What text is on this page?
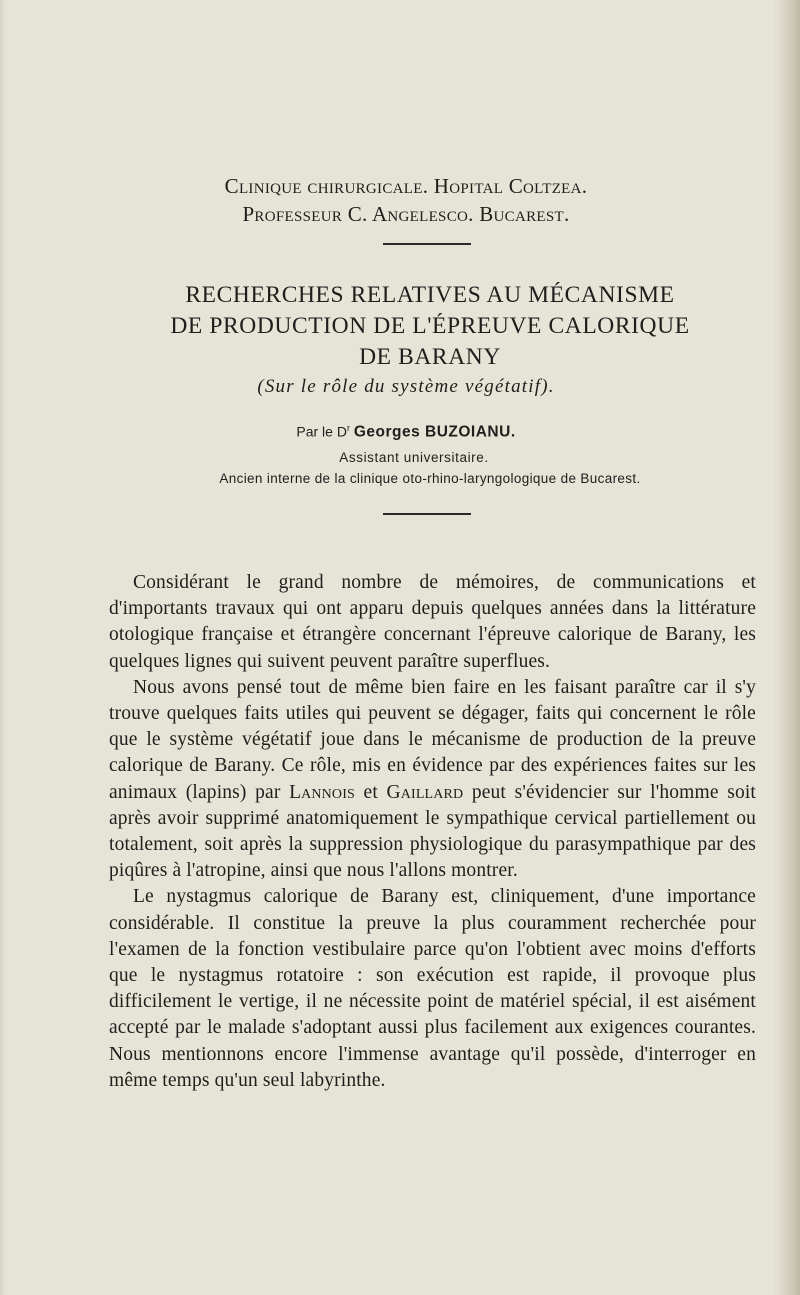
Clinique chirurgicale. Hopital Coltzea.
Professeur C. Angelesco. Bucarest.
RECHERCHES RELATIVES AU MÉCANISME
DE PRODUCTION DE L'ÉPREUVE CALORIQUE
DE BARANY
(Sur le rôle du système végétatif).
Par le $D^r$ Georges BUZOIANU.
Assistant universitaire.
Ancien interne de la clinique oto-rhino-laryngologique de Bucarest.

Considérant le grand nombre de mémoires, de communications et d'importants travaux qui ont apparu depuis quelques années dans la littérature otologique française et étrangère concernant l'épreuve calorique de Barany, les quelques lignes qui suivent peuvent paraître superflues.

Nous avons pensé tout de même bien faire en les faisant paraître car il s'y trouve quelques faits utiles qui peuvent se dégager, faits qui concernent le rôle que le système végétatif joue dans le mécanisme de production de la preuve calorique de Barany. Ce rôle, mis en évidence par des expériences faites sur les animaux (lapins) par Lannois et Gaillard peut s'évidencier sur l'homme soit après avoir supprimé anatomiquement le sympathique cervical partiellement ou totalement, soit après la suppression physiologique du parasympathique par des piqûres à l'atropine, ainsi que nous l'allons montrer.

Le nystagmus calorique de Barany est, cliniquement, d'une importance considérable. Il constitue la preuve la plus couramment recherchée pour l'examen de la fonction vestibulaire parce qu'on l'obtient avec moins d'efforts que le nystagmus rotatoire : son exécution est rapide, il provoque plus difficilement le vertige, il ne nécessite point de matériel spécial, il est aisément accepté par le malade s'adoptant aussi plus facilement aux exigences courantes. Nous mentionnons encore l'immense avantage qu'il possède, d'interroger en même temps qu'un seul labyrinthe.
